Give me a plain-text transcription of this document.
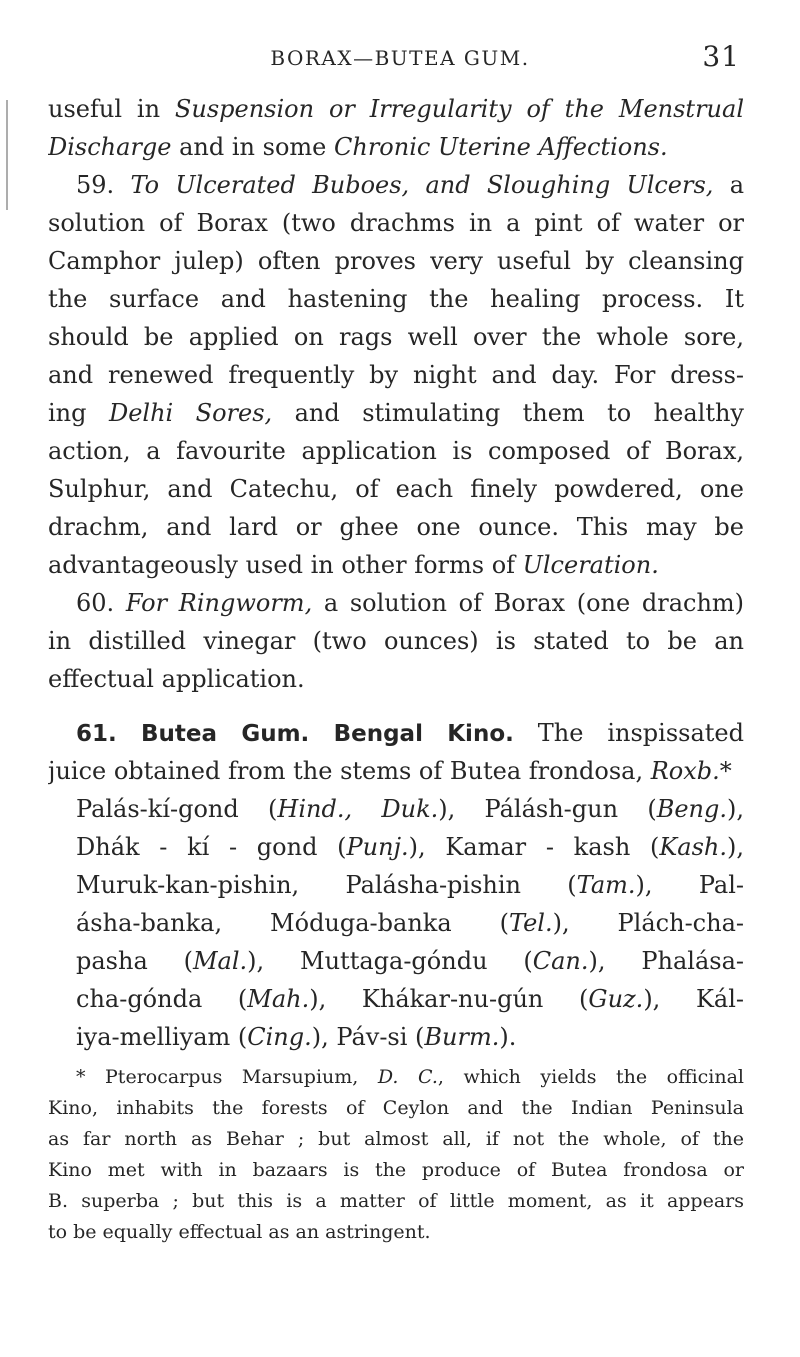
BORAX—BUTEA GUM.	31
useful in Suspension or Irregularity of the Menstrual
Discharge and in some Chronic Uterine Affections.
59. To Ulcerated Buboes, and Sloughing Ulcers, a
solution of Borax (two drachms in a pint of water or
Camphor julep) often proves very useful by cleansing
the surface and hastening the healing process. It
should be applied on rags well over the whole sore,
and renewed frequently by night and day. For dress-
ing Delhi Sores, and stimulating them to healthy
action, a favourite application is composed of Borax,
Sulphur, and Catechu, of each finely powdered, one
drachm, and lard or ghee one ounce. This may be
advantageously used in other forms of Ulceration.
60. For Ringworm, a solution of Borax (one drachm)
in distilled vinegar (two ounces) is stated to be an
effectual application.
61. Butea Gum. Bengal Kino. The inspissated
juice obtained from the stems of Butea frondosa, Roxb.*
Palás-kí-gond (Hind., Duk.), Pálásh-gun (Beng.),
Dhák - kí - gond (Punj.), Kamar - kash (Kash.),
Muruk-kan-pishin, Palásha-pishin (Tam.), Pal-
ásha-banka, Móduga-banka (Tel.), Plách-cha-
pasha (Mal.), Muttaga-góndu (Can.), Phalása-
cha-gónda (Mah.), Khákar-nu-gún (Guz.), Kál-
iya-melliyam (Cing.), Páv-si (Burm.).
* Pterocarpus Marsupium, D. C., which yields the officinal
Kino, inhabits the forests of Ceylon and the Indian Peninsula
as far north as Behar ; but almost all, if not the whole, of the
Kino met with in bazaars is the produce of Butea frondosa or
B. superba ; but this is a matter of little moment, as it appears
to be equally effectual as an astringent.
